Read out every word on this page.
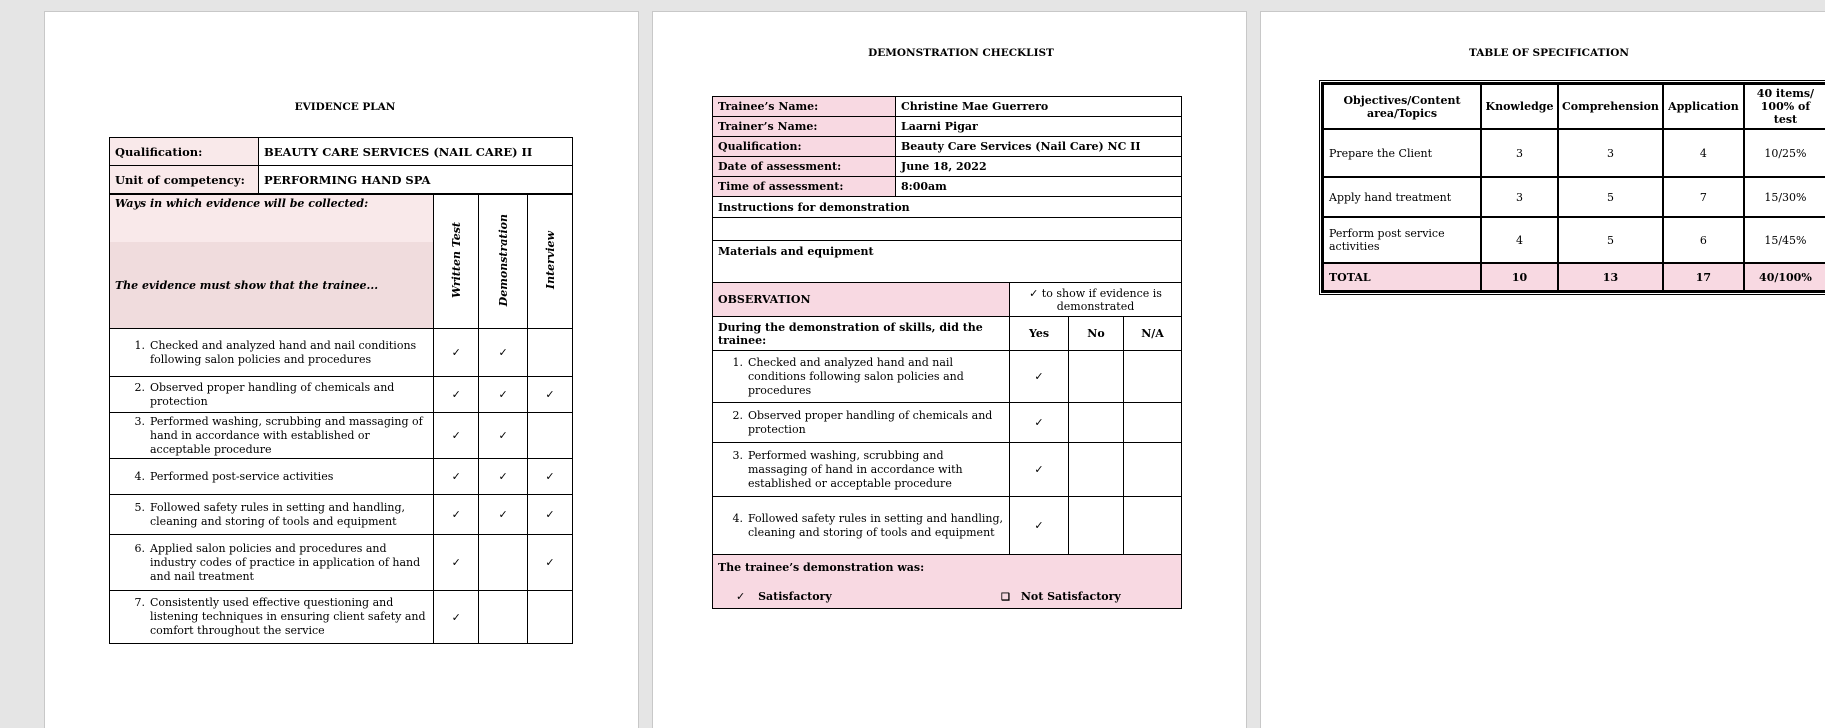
EVIDENCE PLAN
Qualification:	BEAUTY CARE SERVICES (NAIL CARE) II
Unit of competency:	PERFORMING HAND SPA
Ways in which evidence will be collected:
The evidence must show that the trainee...	Written Test	Demonstration	Interview

1. Checked and analyzed hand and nail conditions following salon policies and procedures	✓	✓	

2. Observed proper handling of chemicals and protection	✓	✓	✓

3. Performed washing, scrubbing and massaging of hand in accordance with established or acceptable procedure	✓	✓	

4. Performed post-service activities	✓	✓	✓

5. Followed safety rules in setting and handling, cleaning and storing of tools and equipment	✓	✓	✓

6. Applied salon policies and procedures and industry codes of practice in application of hand and nail treatment	✓		✓

7. Consistently used effective questioning and listening techniques in ensuring client safety and comfort throughout the service	✓		
DEMONSTRATION CHECKLIST
Trainee’s Name:	Christine Mae Guerrero			
Trainer’s Name:	Laarni Pigar			
Qualification:	Beauty Care Services (Nail Care) NC II			
Date of assessment:	June 18, 2022			
Time of assessment:	8:00am			
Instructions for demonstration				

Materials and equipment				
OBSERVATION		✓ to show if evidence is demonstrated		
During the demonstration of skills, did the trainee:		Yes	No	N/A

1. Checked and analyzed hand and nail conditions following salon policies and procedures		✓		

2. Observed proper handling of chemicals and protection		✓		

3. Performed washing, scrubbing and massaging of hand in accordance with established or acceptable procedure		✓		

4. Followed safety rules in setting and handling, cleaning and storing of tools and equipment		✓		

The trainee’s demonstration was:
✓ Satisfactory ❑ Not Satisfactory				
TABLE OF SPECIFICATION
Objectives/Content area/Topics	Knowledge	Comprehension	Application	40 items/ 100% of test
Prepare the Client	3	3	4	10/25%
Apply hand treatment	3	5	7	15/30%
Perform post service activities	4	5	6	15/45%
TOTAL	10	13	17	40/100%
